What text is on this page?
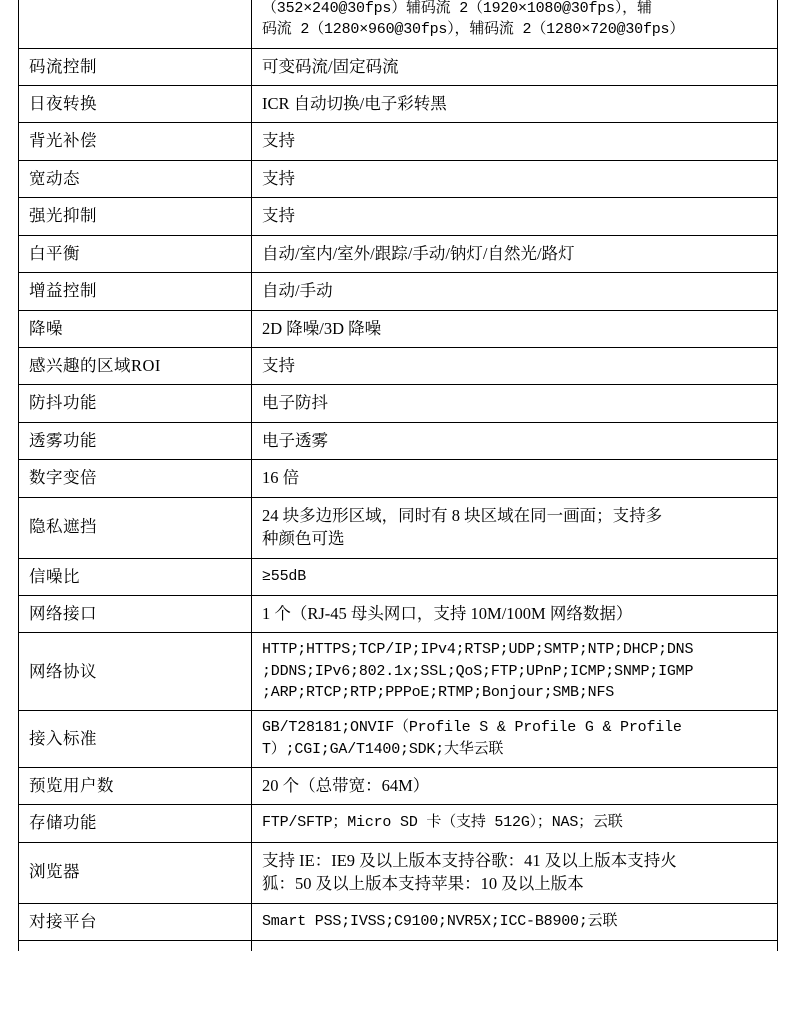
	（352×240@30fps）辅码流 2（1920×1080@30fps），辅
码流 2（1280×960@30fps），辅码流 2（1280×720@30fps）

码流控制	可变码流/固定码流

日夜转换	ICR 自动切换/电子彩转黑

背光补偿	支持

宽动态	支持

强光抑制	支持

白平衡	自动/室内/室外/跟踪/手动/钠灯/自然光/路灯

增益控制	自动/手动

降噪	2D 降噪/3D 降噪

感兴趣的区域ROI	支持

防抖功能	电子防抖

透雾功能	电子透雾

数字变倍	16 倍

隐私遮挡	24 块多边形区域，同时有 8 块区域在同一画面；支持多
种颜色可选

信噪比	≥55dB

网络接口	1 个（RJ-45 母头网口，支持 10M/100M 网络数据）

网络协议	HTTP;HTTPS;TCP/IP;IPv4;RTSP;UDP;SMTP;NTP;DHCP;DNS
;DDNS;IPv6;802.1x;SSL;QoS;FTP;UPnP;ICMP;SNMP;IGMP
;ARP;RTCP;RTP;PPPoE;RTMP;Bonjour;SMB;NFS

接入标准	GB/T28181;ONVIF（Profile S & Profile G & Profile
T）;CGI;GA/T1400;SDK;大华云联

预览用户数	20 个（总带宽：64M）

存储功能	FTP/SFTP；Micro SD 卡（支持 512G）；NAS；云联

浏览器	支持 IE：IE9 及以上版本支持谷歌：41 及以上版本支持火
狐：50 及以上版本支持苹果：10 及以上版本

对接平台	Smart PSS;IVSS;C9100;NVR5X;ICC-B8900;云联
